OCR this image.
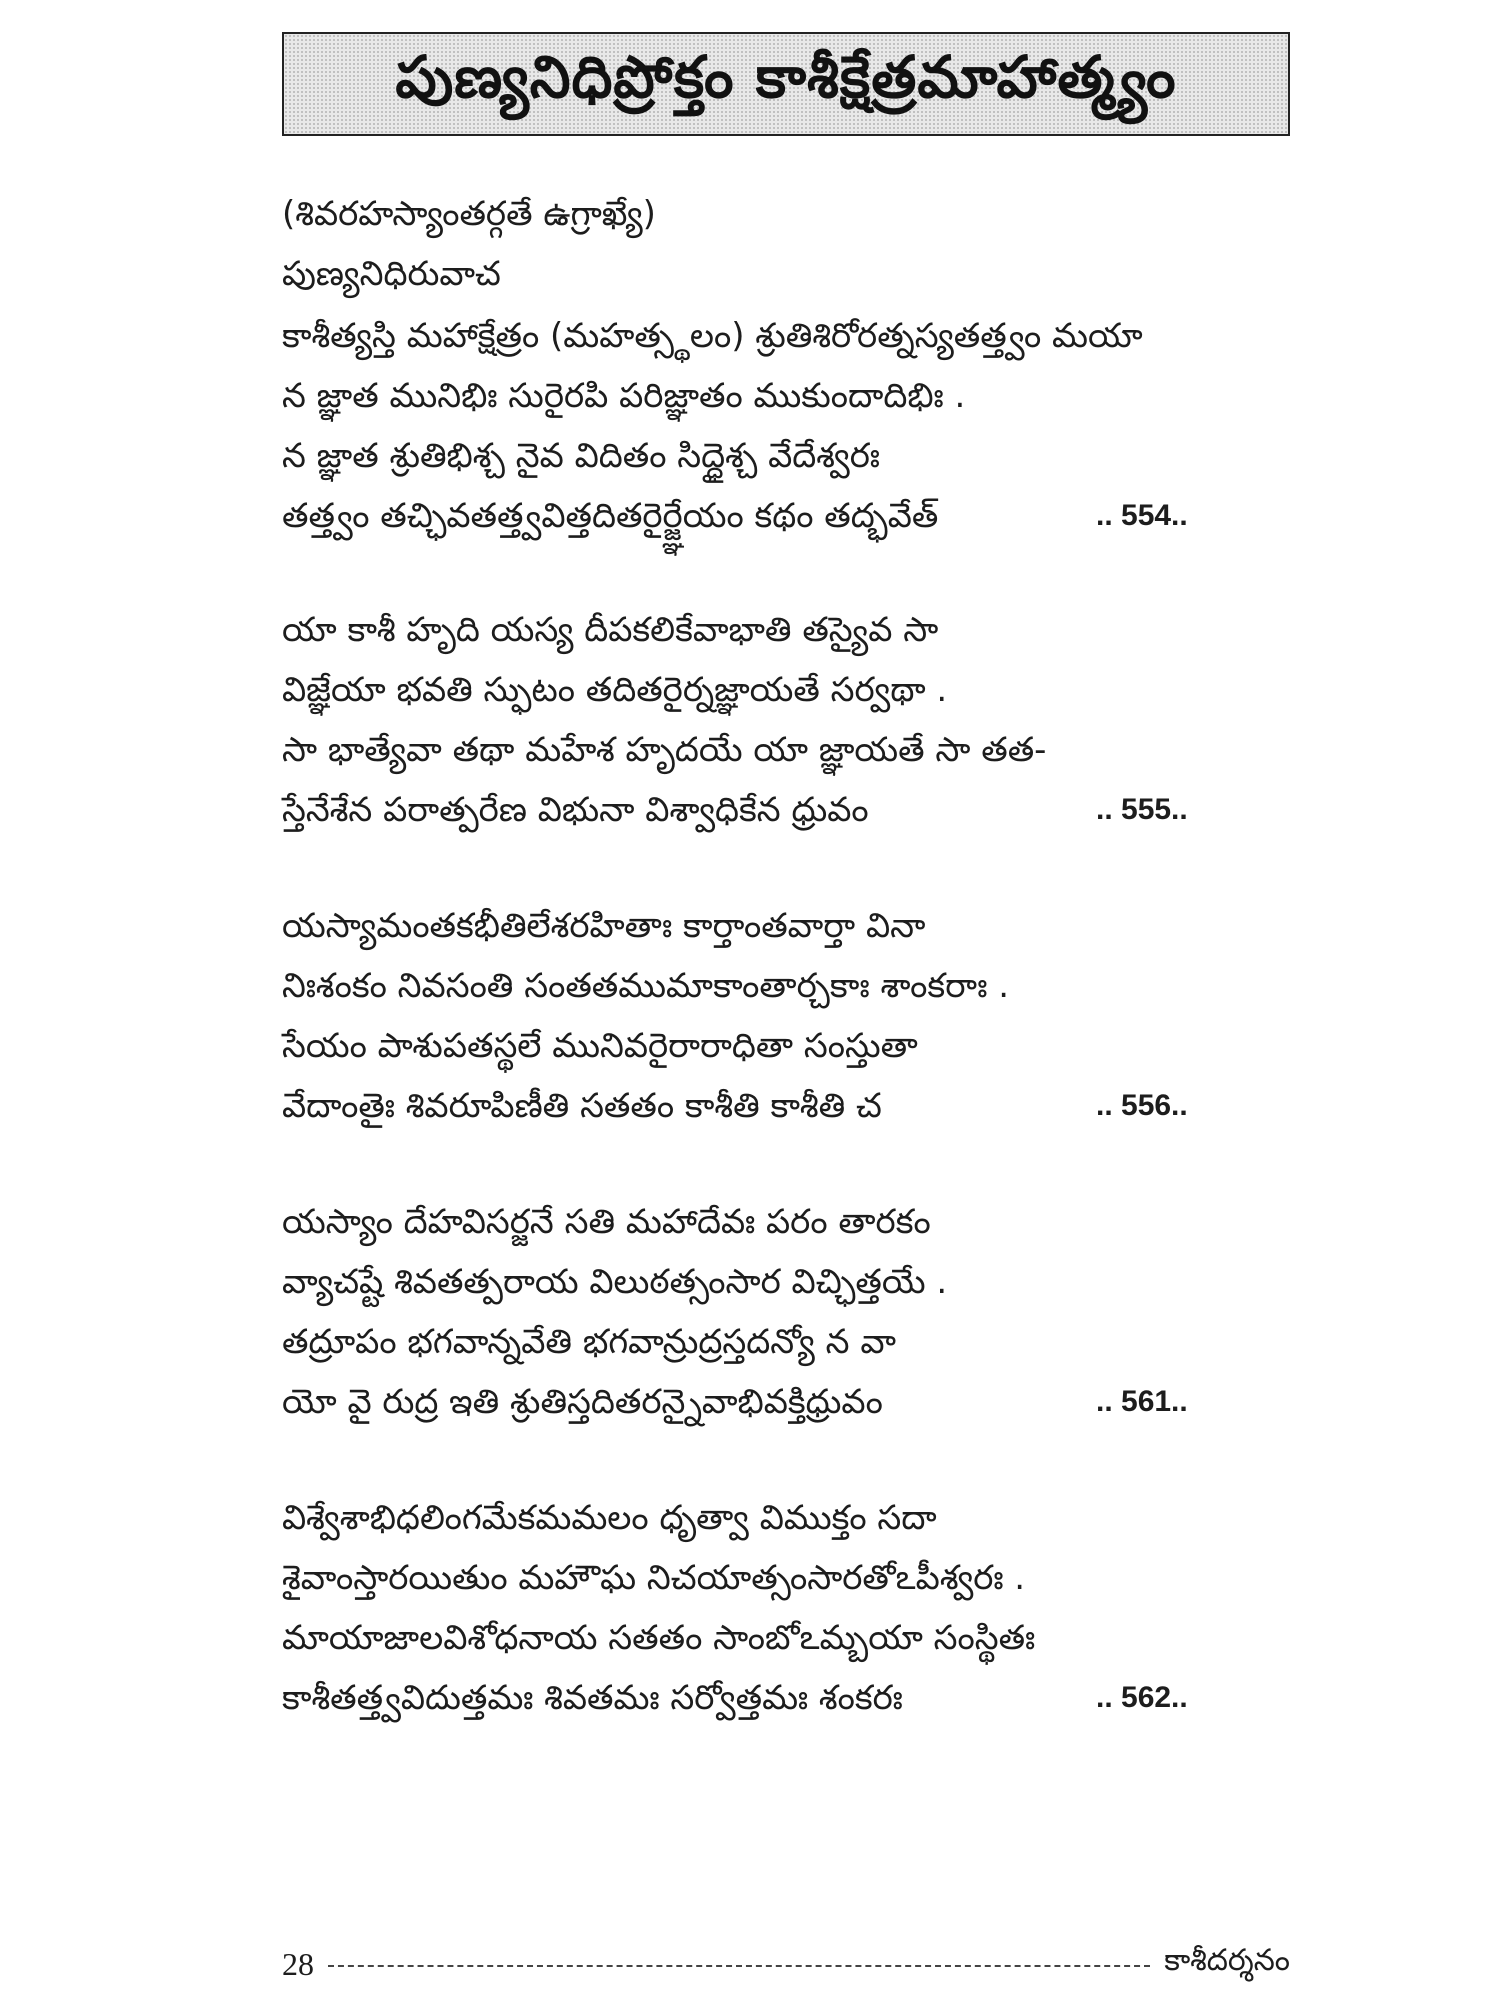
పుణ్యనిధిప్రోక్తం కాశీక్షేత్రమాహాత్మ్యం
(శివరహస్యాంతర్గతే ఉగ్రాఖ్యే)
పుణ్యనిధిరువాచ
కాశీత్యస్తి మహాక్షేత్రం (మహత్స్థలం) శ్రుతిశిరోరత్నస్యతత్త్వం మయా
న జ్ఞాత మునిభిః సురైరపి పరిజ్ఞాతం ముకుందాదిభిః .
న జ్ఞాత శ్రుతిభిశ్చ నైవ విదితం సిద్ధైశ్చ వేదేశ్వరః
తత్త్వం తచ్ఛివతత్త్వవిత్తదితరైర్జ్ఞేయం కథం తద్భవేత్	.. 554..
యా కాశీ హృది యస్య దీపకలికేవాభాతి తస్యైవ సా
విజ్ఞేయా భవతి స్ఫుటం తదితరైర్నజ్ఞాయతే సర్వథా .
సా భాత్యేవా తథా మహేశ హృదయే యా జ్ఞాయతే సా తత-
స్తేనేశేన పరాత్పరేణ విభునా విశ్వాధికేన ధ్రువం	.. 555..
యస్యామంతకభీతిలేశరహితాః కార్తాంతవార్తా వినా
నిఃశంకం నివసంతి సంతతముమాకాంతార్చకాః శాంకరాః .
సేయం పాశుపతస్థలే మునివరైరారాధితా సంస్తుతా
వేదాంతైః శివరూపిణీతి సతతం కాశీతి కాశీతి చ	.. 556..
యస్యాం దేహవిసర్జనే సతి మహాదేవః పరం తారకం
వ్యాచష్టే శివతత్పరాయ విలుఠత్సంసార విచ్ఛిత్తయే .
తద్రూపం భగవాన్నవేతి భగవాన్రుద్రస్తదన్యో న వా
యో వై రుద్ర ఇతి శ్రుతిస్తదితరన్నైవాభివక్తిధ్రువం	.. 561..
విశ్వేశాభిధలింగమేకమమలం ధృత్వా విముక్తం సదా
శైవాంస్తారయితుం మహౌఘ నిచయాత్సంసారతోఽపీశ్వరః .
మాయాజాలవిశోధనాయ సతతం సాంబోఽమ్బయా సంస్థితః
కాశీతత్త్వవిదుత్తమః శివతమః సర్వోత్తమః శంకరః	.. 562..
28	కాశీదర్శనం
